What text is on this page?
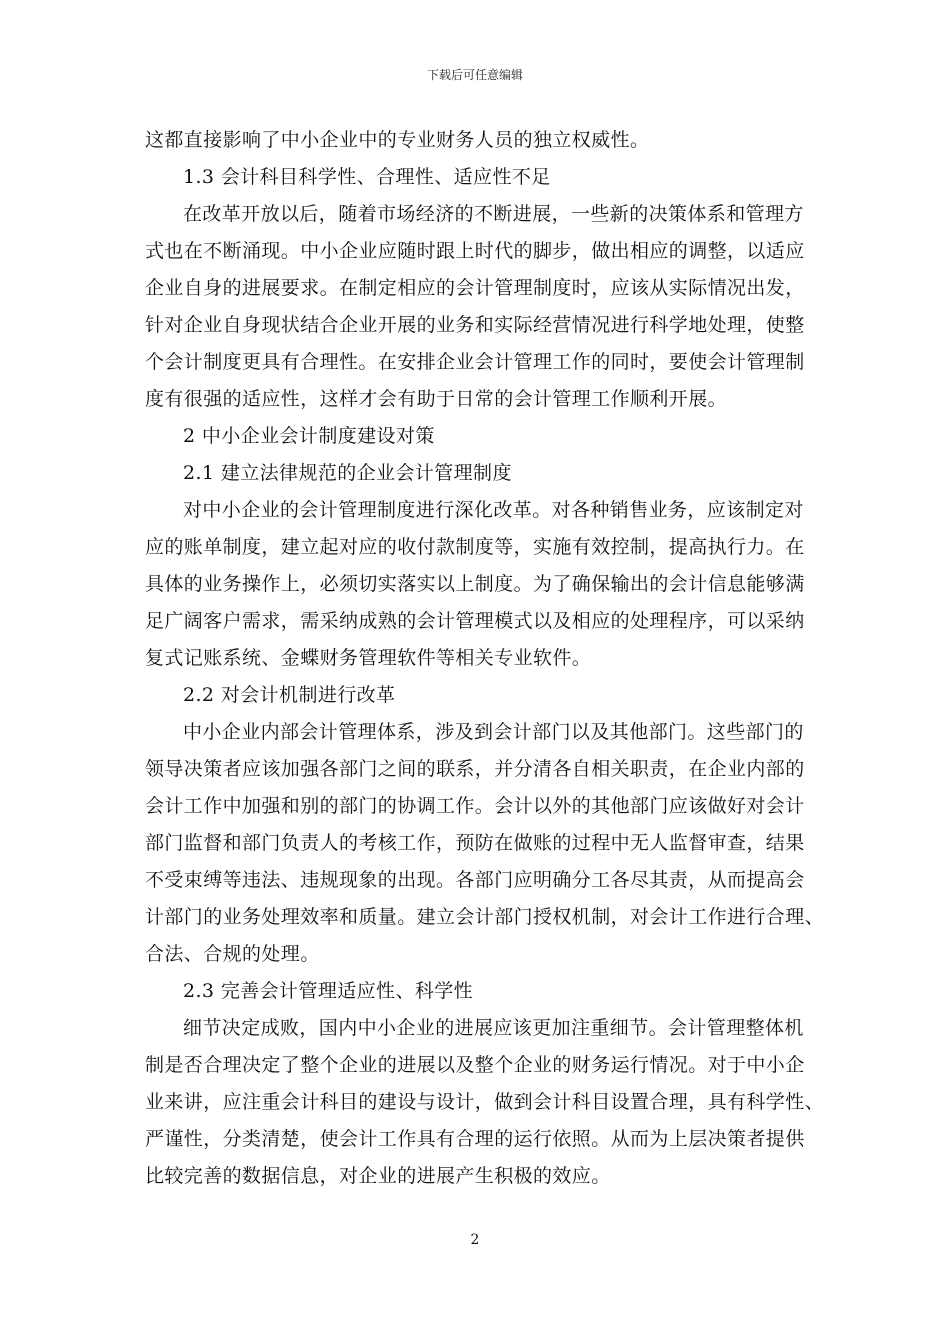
下载后可任意编辑
这都直接影响了中小企业中的专业财务人员的独立权威性。
1.3 会计科目科学性、合理性、适应性不足
在改革开放以后，随着市场经济的不断进展，一些新的决策体系和管理方
式也在不断涌现。中小企业应随时跟上时代的脚步，做出相应的调整，以适应
企业自身的进展要求。在制定相应的会计管理制度时，应该从实际情况出发，
针对企业自身现状结合企业开展的业务和实际经营情况进行科学地处理，使整
个会计制度更具有合理性。在安排企业会计管理工作的同时，要使会计管理制
度有很强的适应性，这样才会有助于日常的会计管理工作顺利开展。
2 中小企业会计制度建设对策
2.1 建立法律规范的企业会计管理制度
对中小企业的会计管理制度进行深化改革。对各种销售业务，应该制定对
应的账单制度，建立起对应的收付款制度等，实施有效控制，提高执行力。在
具体的业务操作上，必须切实落实以上制度。为了确保输出的会计信息能够满
足广阔客户需求，需采纳成熟的会计管理模式以及相应的处理程序，可以采纳
复式记账系统、金蝶财务管理软件等相关专业软件。
2.2 对会计机制进行改革
中小企业内部会计管理体系，涉及到会计部门以及其他部门。这些部门的
领导决策者应该加强各部门之间的联系，并分清各自相关职责，在企业内部的
会计工作中加强和别的部门的协调工作。会计以外的其他部门应该做好对会计
部门监督和部门负责人的考核工作，预防在做账的过程中无人监督审查，结果
不受束缚等违法、违规现象的出现。各部门应明确分工各尽其责，从而提高会
计部门的业务处理效率和质量。建立会计部门授权机制，对会计工作进行合理、
合法、合规的处理。
2.3 完善会计管理适应性、科学性
细节决定成败，国内中小企业的进展应该更加注重细节。会计管理整体机
制是否合理决定了整个企业的进展以及整个企业的财务运行情况。对于中小企
业来讲，应注重会计科目的建设与设计，做到会计科目设置合理，具有科学性、
严谨性，分类清楚，使会计工作具有合理的运行依照。从而为上层决策者提供
比较完善的数据信息，对企业的进展产生积极的效应。
2
